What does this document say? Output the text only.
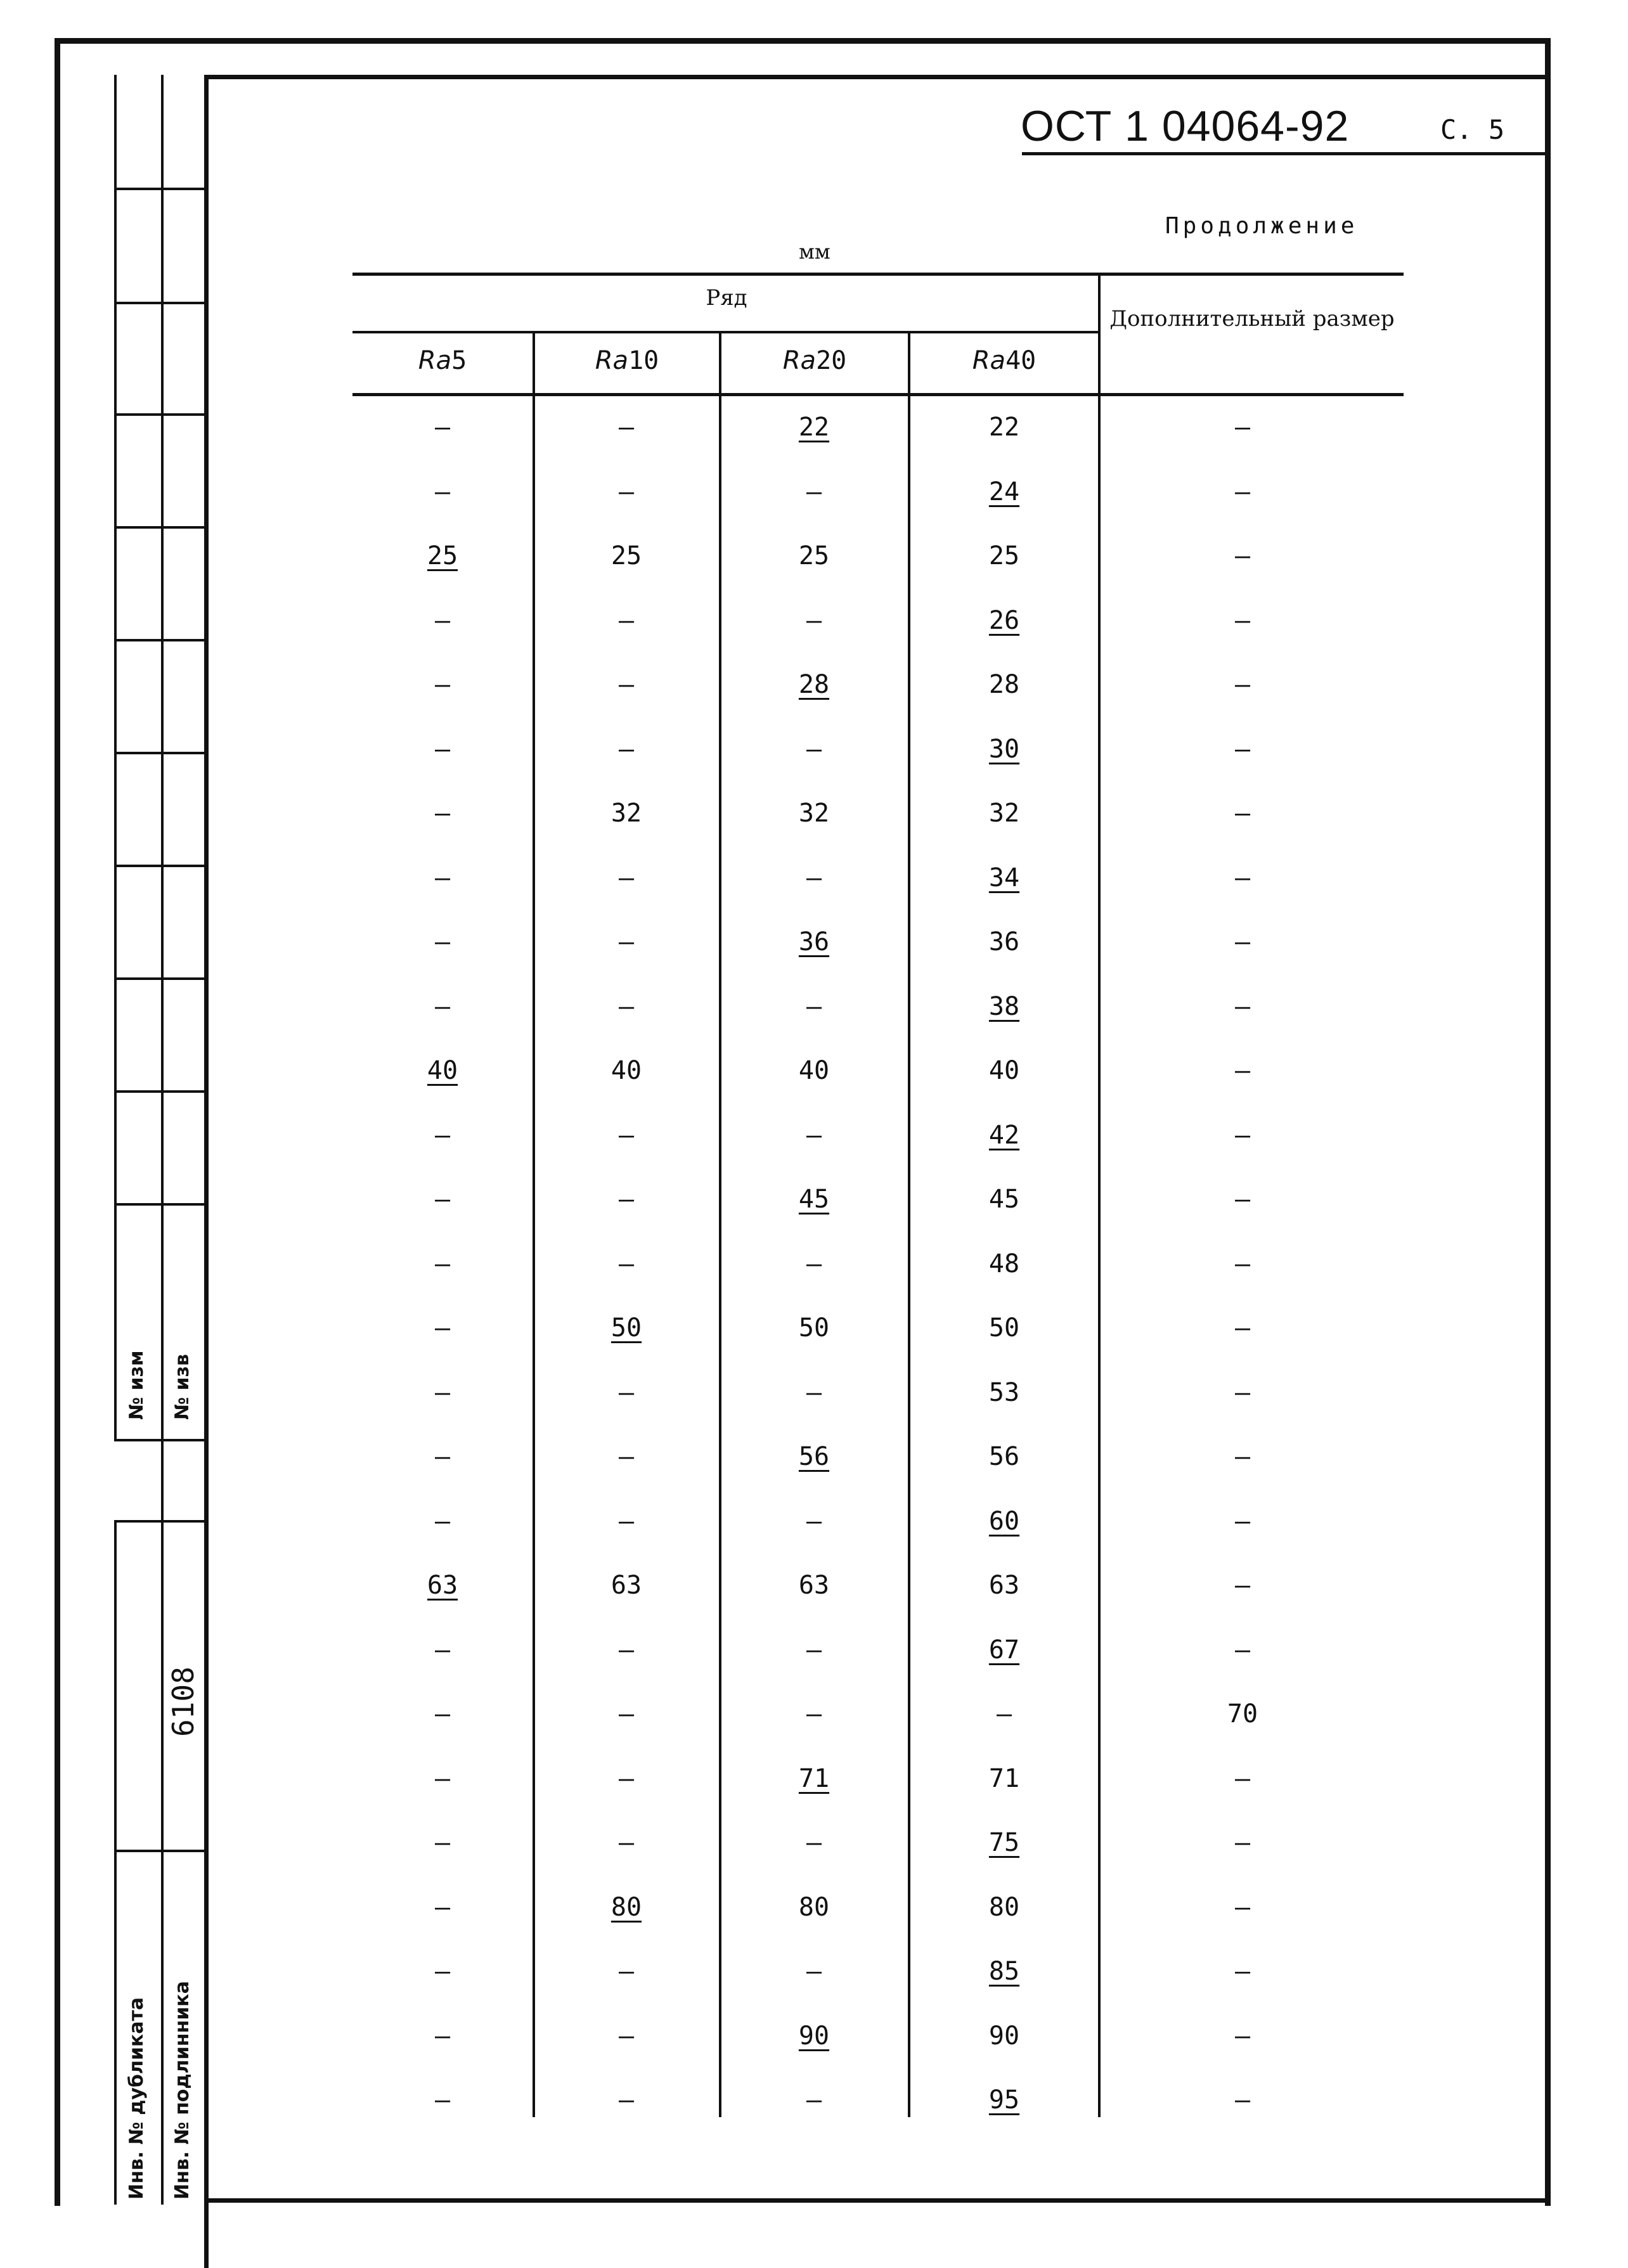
№ изм № изв
6108
Инв. № дубликата Инв. № подлинника
ОСТ 1 04064-92	С. 5
Продолжение
мм
Ряд
Дополнительный размер
Ra5	Ra10	Ra20	Ra40
–	–	22	22	–
–	–	–	24	–
25	25	25	25	–
–	–	–	26	–
–	–	28	28	–
–	–	–	30	–
–	32	32	32	–
–	–	–	34	–
–	–	36	36	–
–	–	–	38	–
40	40	40	40	–
–	–	–	42	–
–	–	45	45	–
–	–	–	48	–
–	50	50	50	–
–	–	–	53	–
–	–	56	56	–
–	–	–	60	–
63	63	63	63	–
–	–	–	67	–
–	–	–	–	70
–	–	71	71	–
–	–	–	75	–
–	80	80	80	–
–	–	–	85	–
–	–	90	90	–
–	–	–	95	–
